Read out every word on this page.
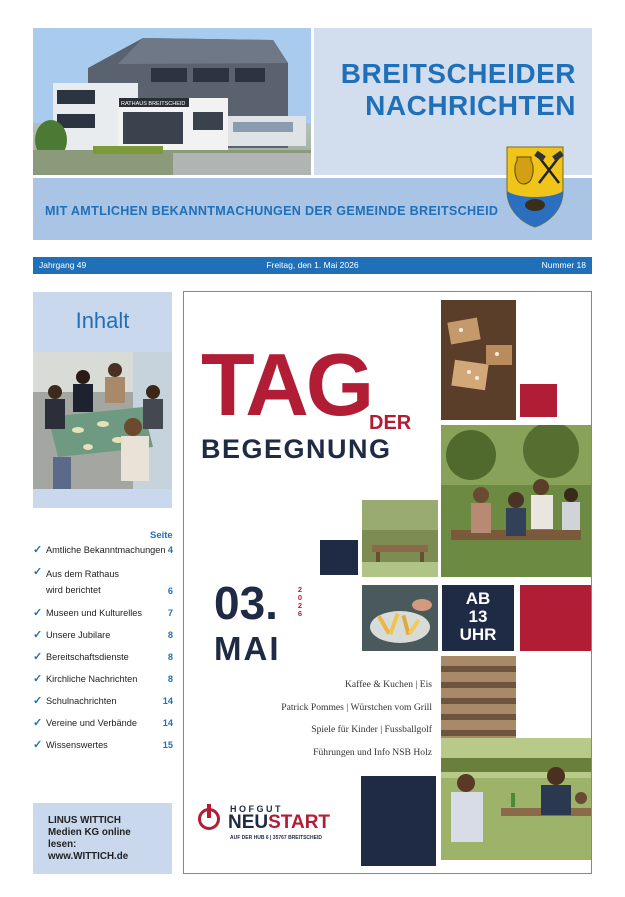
RATHAUS BREITSCHEID
BREITSCHEIDER
NACHRICHTEN
MIT AMTLICHEN BEKANNTMACHUNGEN DER GEMEINDE BREITSCHEID
Jahrgang 49	Freitag, den 1. Mai 2026	Nummer 18
Inhalt
Seite
✓ Amtliche Bekanntmachungen 4
✓ Aus dem Rathaus wird berichtet	6
✓ Museen und Kulturelles	7
✓ Unsere Jubilare	8
✓ Bereitschaftsdienste	8
✓ Kirchliche Nachrichten	8
✓ Schulnachrichten	14
✓ Vereine und Verbände	14
✓ Wissenswertes	15
LINUS WITTICH
Medien KG online
lesen:
www.WITTICH.de
TAG
DER
BEGEGNUNG
03.	2
0
2
6
MAI
AB
13
UHR
Kaffee & Kuchen | Eis
Patrick Pommes | Würstchen vom Grill
Spiele für Kinder | Fussballgolf
Führungen und Info NSB Holz
HOFGUT
NEUSTART
AUF DER HUB 6 | 35767 BREITSCHEID
